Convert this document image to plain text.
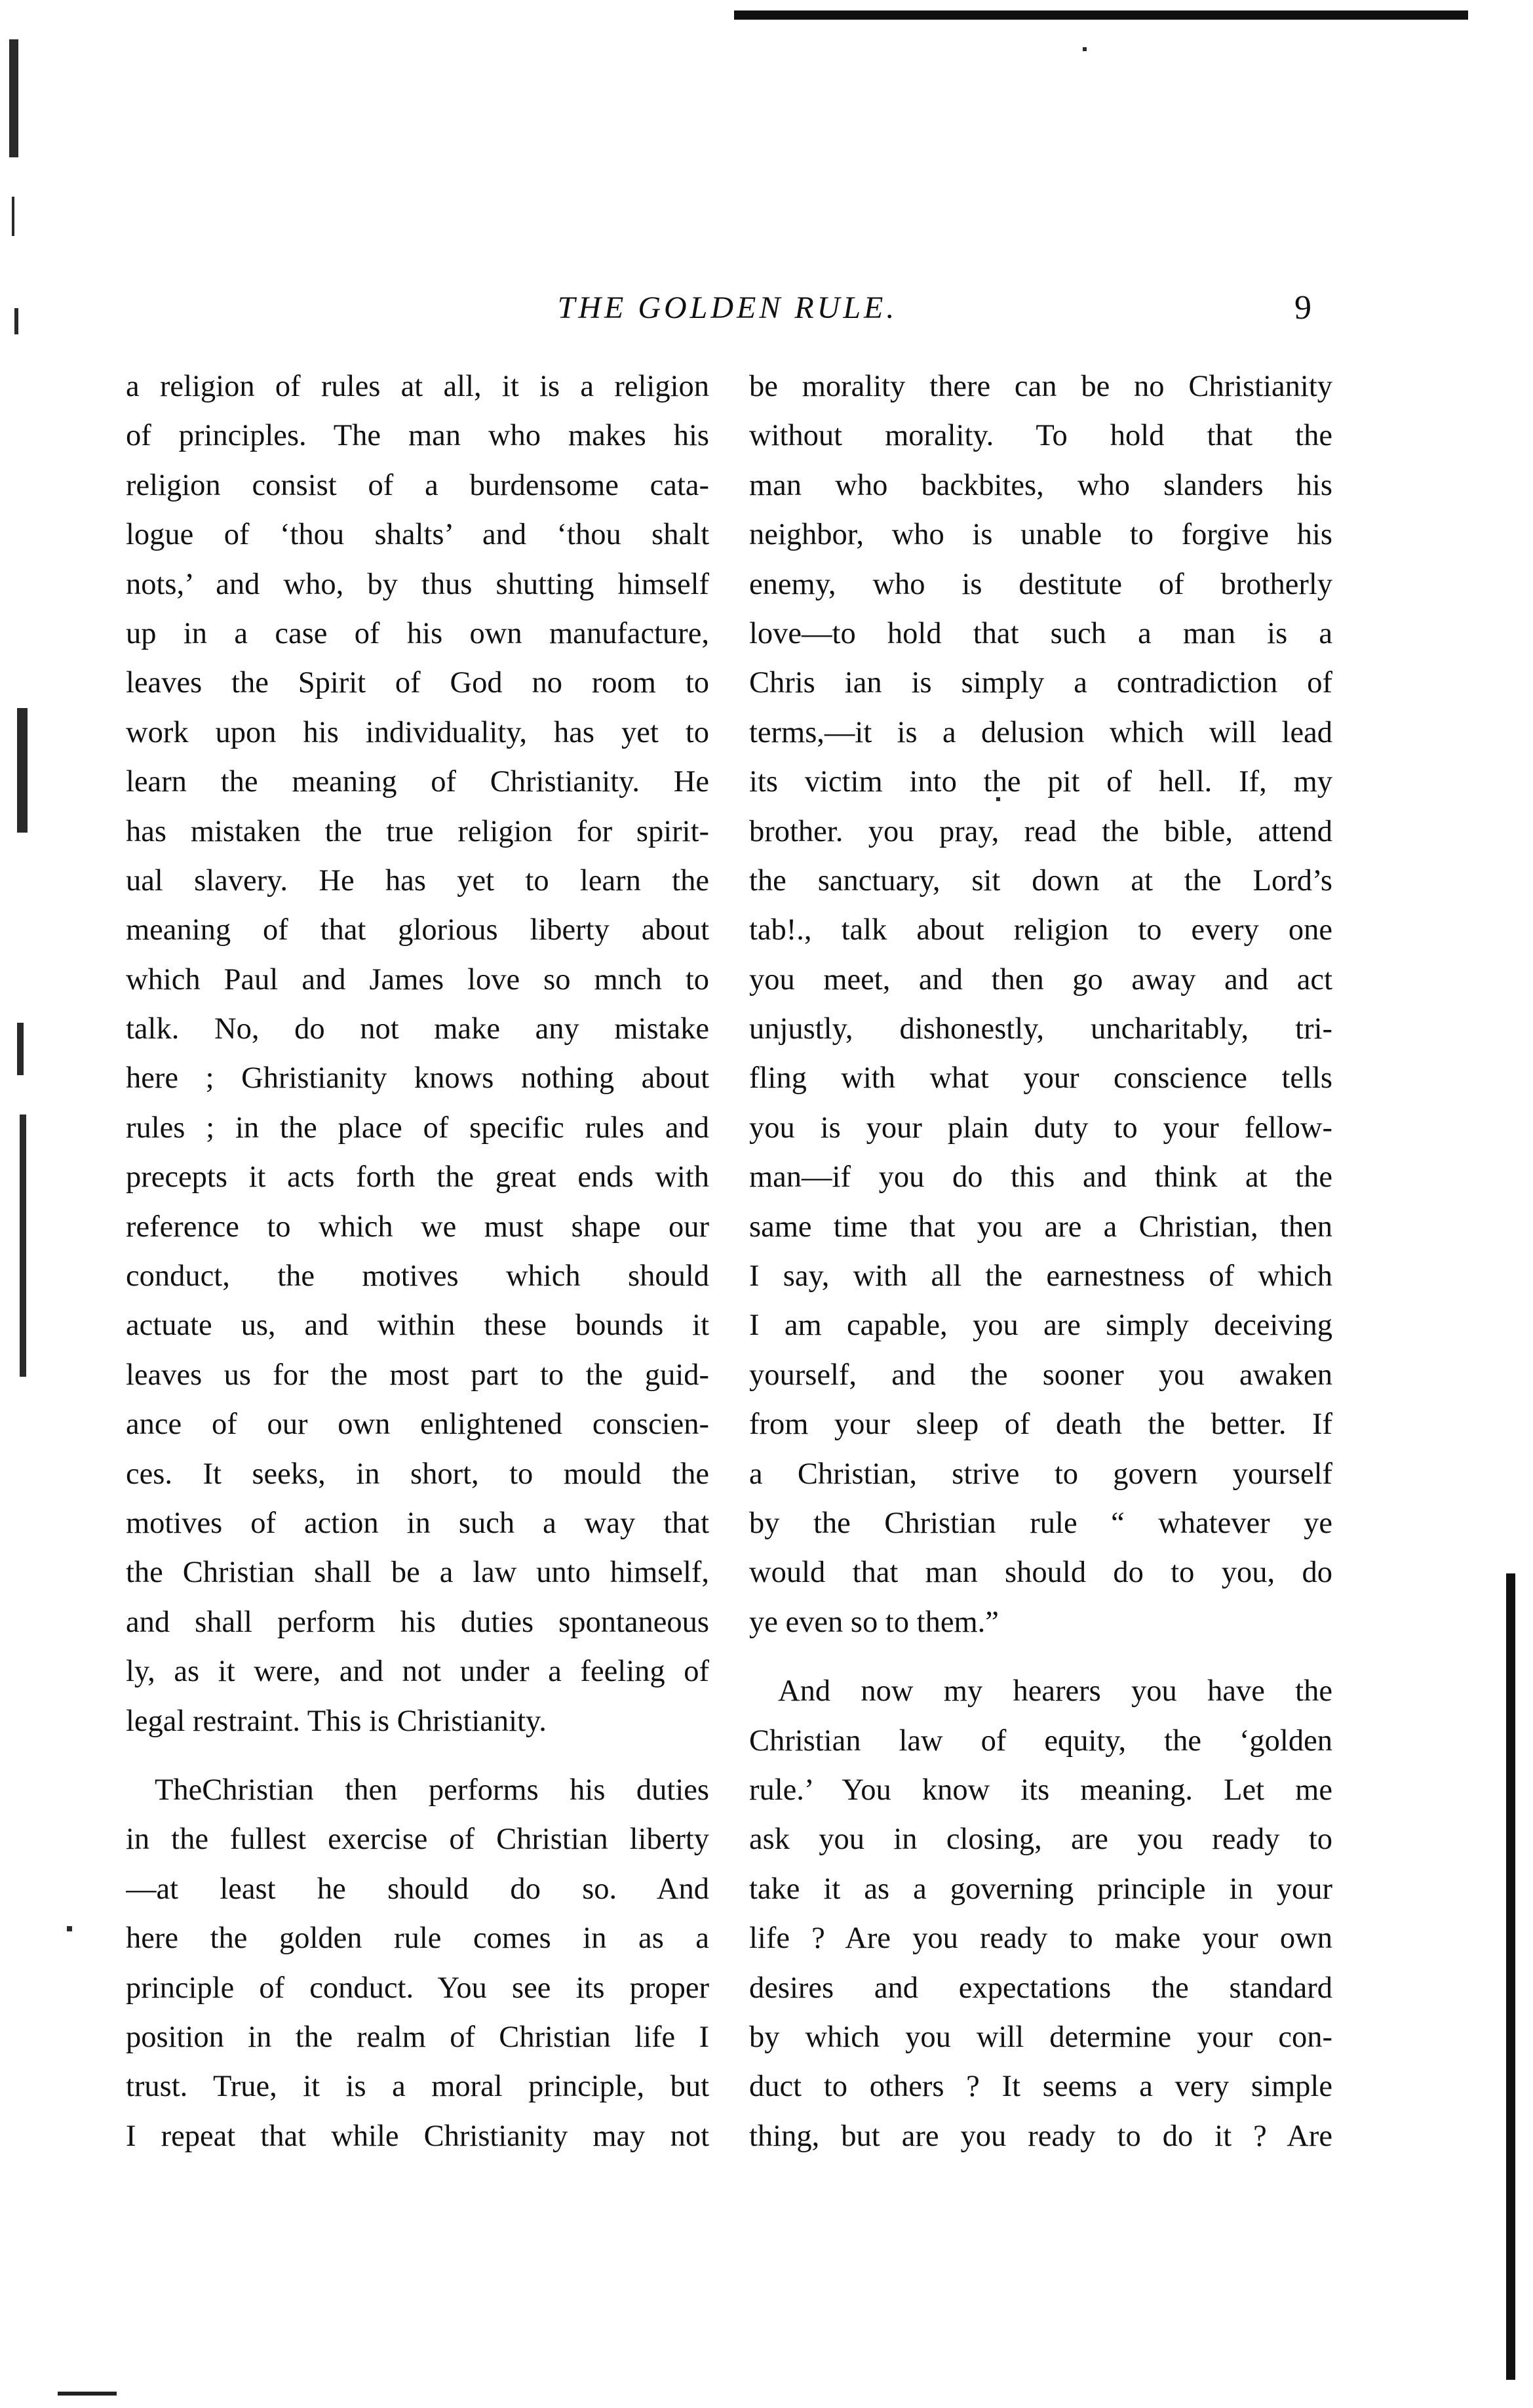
THE GOLDEN RULE.	9
a religion of rules at all, it is a religion
of principles. The man who makes his
religion consist of a burdensome cata-
logue of ‘thou shalts’ and ‘thou shalt
nots,’ and who, by thus shutting himself
up in a case of his own manufacture,
leaves the Spirit of God no room to
work upon his individuality, has yet to
learn the meaning of Christianity. He
has mistaken the true religion for spirit-
ual slavery. He has yet to learn the
meaning of that glorious liberty about
which Paul and James love so mnch to
talk. No, do not make any mistake
here ; Ghristianity knows nothing about
rules ; in the place of specific rules and
precepts it acts forth the great ends with
reference to which we must shape our
conduct, the motives which should
actuate us, and within these bounds it
leaves us for the most part to the guid-
ance of our own enlightened conscien-
ces. It seeks, in short, to mould the
motives of action in such a way that
the Christian shall be a law unto himself,
and shall perform his duties spontaneous
ly, as it were, and not under a feeling of
legal restraint. This is Christianity.
TheChristian then performs his duties
in the fullest exercise of Christian liberty
—at least he should do so. And
here the golden rule comes in as a
principle of conduct. You see its proper
position in the realm of Christian life I
trust. True, it is a moral principle, but
I repeat that while Christianity may not
be morality there can be no Christianity
without morality. To hold that the
man who backbites, who slanders his
neighbor, who is unable to forgive his
enemy, who is destitute of brotherly
love—to hold that such a man is a
Chris ian is simply a contradiction of
terms,—it is a delusion which will lead
its victim into the pit of hell. If, my
brother. you pray, read the bible, attend
the sanctuary, sit down at the Lord’s
tab!., talk about religion to every one
you meet, and then go away and act
unjustly, dishonestly, uncharitably, tri-
fling with what your conscience tells
you is your plain duty to your fellow-
man—if you do this and think at the
same time that you are a Christian, then
I say, with all the earnestness of which
I am capable, you are simply deceiving
yourself, and the sooner you awaken
from your sleep of death the better. If
a Christian, strive to govern yourself
by the Christian rule “ whatever ye
would that man should do to you, do
ye even so to them.”
And now my hearers you have the
Christian law of equity, the ‘golden
rule.’ You know its meaning. Let me
ask you in closing, are you ready to
take it as a governing principle in your
life ? Are you ready to make your own
desires and expectations the standard
by which you will determine your con-
duct to others ? It seems a very simple
thing, but are you ready to do it ? Are
